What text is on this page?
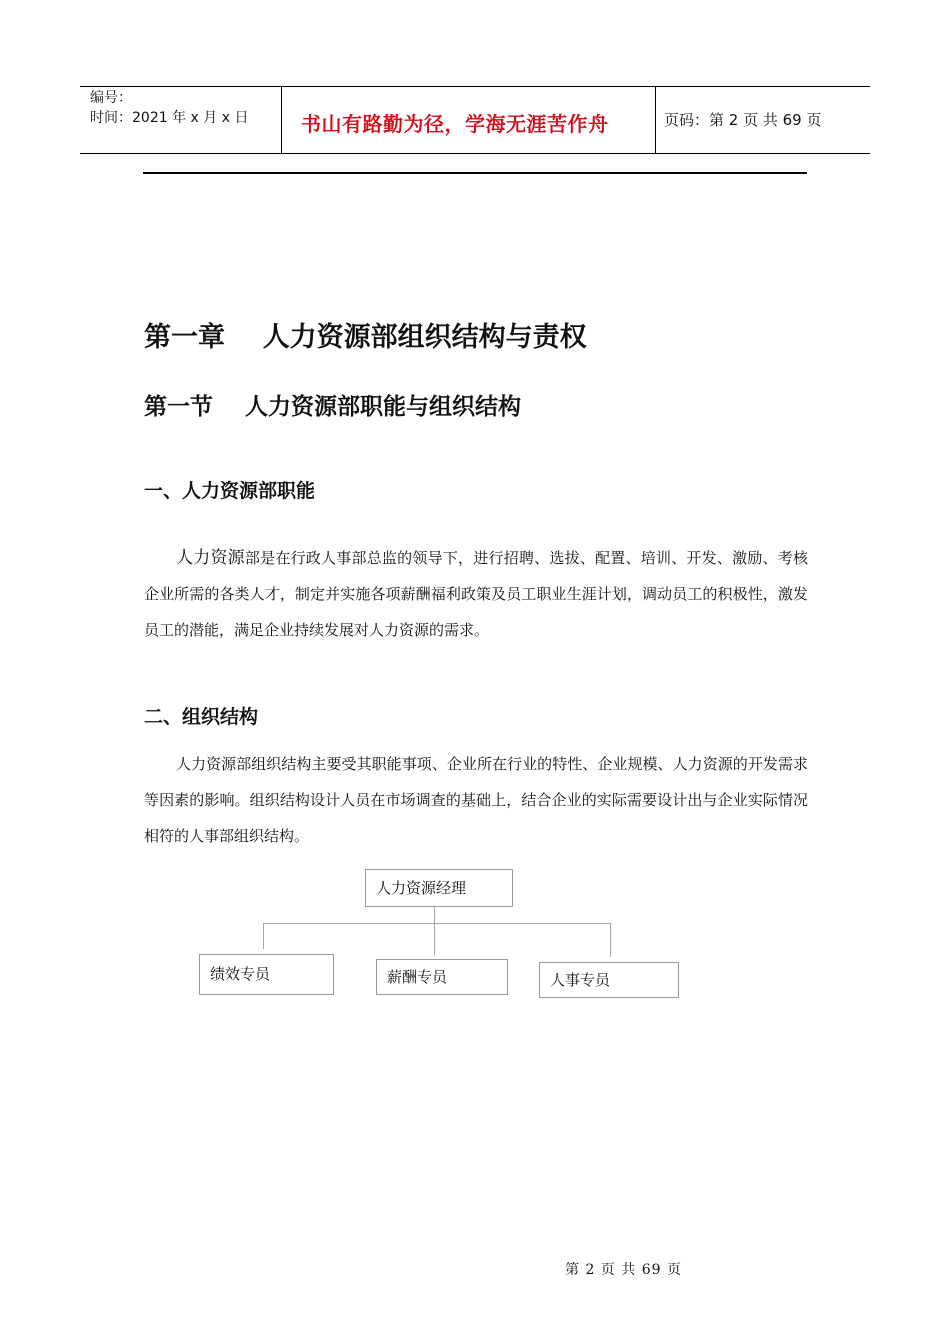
编号：
时间：2021 年 x 月 x 日	书山有路勤为径，学海无涯苦作舟	页码：第 2 页 共 69 页
第一章    人力资源部组织结构与责权
第一节    人力资源部职能与组织结构
一、人力资源部职能

人力资源部是在行政人事部总监的领导下，进行招聘、选拔、配置、培训、开发、激励、考核企业所需的各类人才，制定并实施各项薪酬福利政策及员工职业生涯计划，调动员工的积极性，激发员工的潜能，满足企业持续发展对人力资源的需求。

二、组织结构

人力资源部组织结构主要受其职能事项、企业所在行业的特性、企业规模、人力资源的开发需求等因素的影响。组织结构设计人员在市场调查的基础上，结合企业的实际需要设计出与企业实际情况相符的人事部组织结构。

人力资源经理
绩效专员	薪酬专员	人事专员
第 2 页 共 69 页
